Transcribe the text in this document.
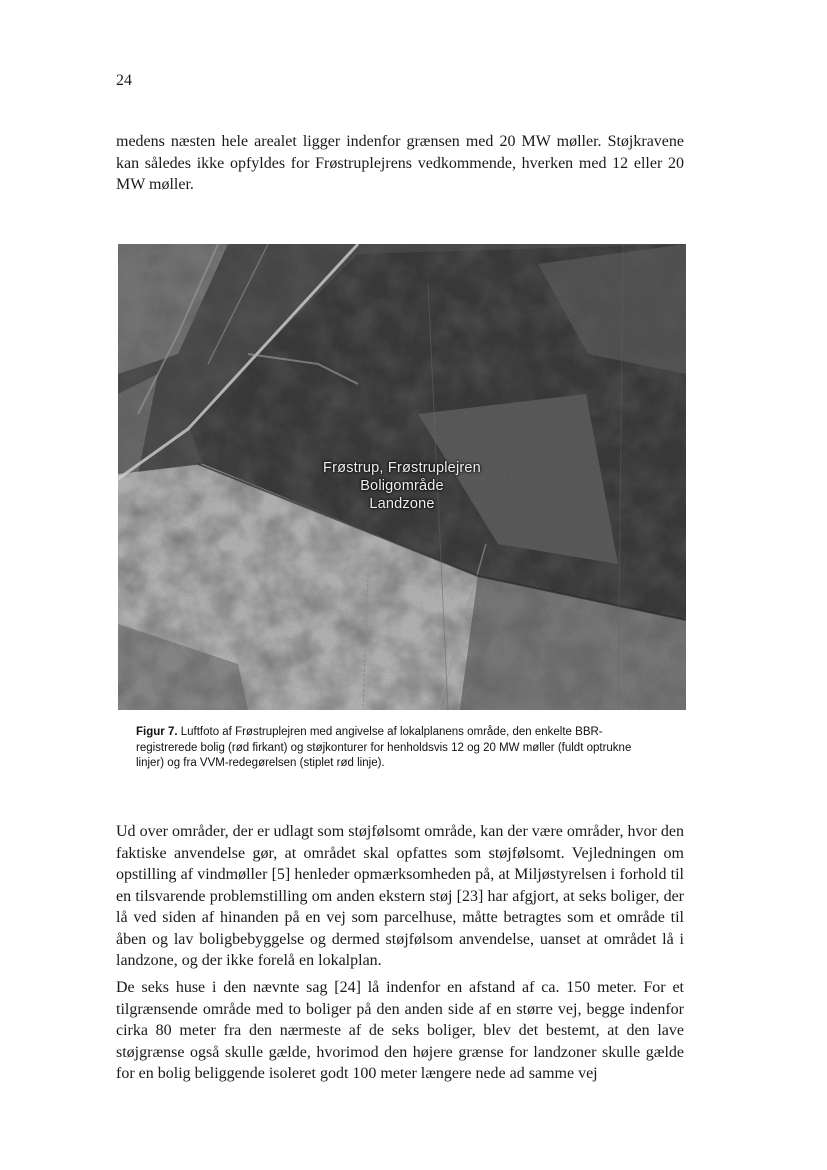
24

medens næsten hele arealet ligger indenfor grænsen med 20 MW møller. Støjkravene kan således ikke opfyldes for Frøstruplejrens vedkommende, hverken med 12 eller 20 MW møller.

Frøstrup, Frøstruplejren
Boligområde
Landzone

Figur 7. Luftfoto af Frøstruplejren med angivelse af lokalplanens område, den enkelte BBR-registrerede bolig (rød firkant) og støjkonturer for henholdsvis 12 og 20 MW møller (fuldt optrukne linjer) og fra VVM-redegørelsen (stiplet rød linje).

Ud over områder, der er udlagt som støjfølsomt område, kan der være områder, hvor den faktiske anvendelse gør, at området skal opfattes som støjfølsomt. Vejledningen om opstilling af vindmøller [5] henleder opmærksomheden på, at Miljøstyrelsen i forhold til en tilsvarende problemstilling om anden ekstern støj [23] har afgjort, at seks boliger, der lå ved siden af hinanden på en vej som parcelhuse, måtte betragtes som et område til åben og lav boligbebyggelse og dermed støjfølsom anvendelse, uanset at området lå i landzone, og der ikke forelå en lokalplan.

De seks huse i den nævnte sag [24] lå indenfor en afstand af ca. 150 meter. For et tilgrænsende område med to boliger på den anden side af en større vej, begge indenfor cirka 80 meter fra den nærmeste af de seks boliger, blev det bestemt, at den lave støjgrænse også skulle gælde, hvorimod den højere grænse for landzoner skulle gælde for en bolig beliggende isoleret godt 100 meter længere nede ad samme vej
